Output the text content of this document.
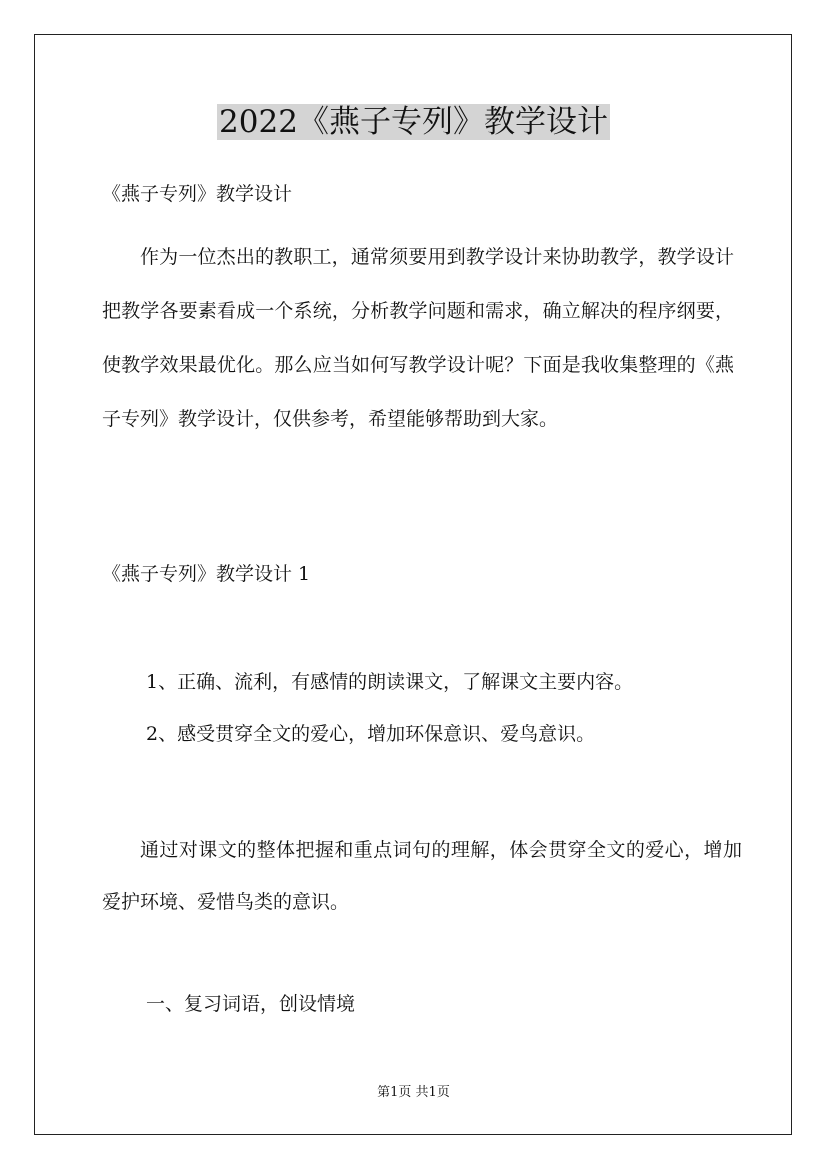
2022《燕子专列》教学设计

《燕子专列》教学设计

作为一位杰出的教职工，通常须要用到教学设计来协助教学，教学设计把教学各要素看成一个系统，分析教学问题和需求，确立解决的程序纲要，使教学效果最优化。那么应当如何写教学设计呢？下面是我收集整理的《燕子专列》教学设计，仅供参考，希望能够帮助到大家。

《燕子专列》教学设计 1

1、正确、流利，有感情的朗读课文，了解课文主要内容。

2、感受贯穿全文的爱心，增加环保意识、爱鸟意识。

通过对课文的整体把握和重点词句的理解，体会贯穿全文的爱心，增加爱护环境、爱惜鸟类的意识。

一、复习词语，创设情境

第1页 共1页
